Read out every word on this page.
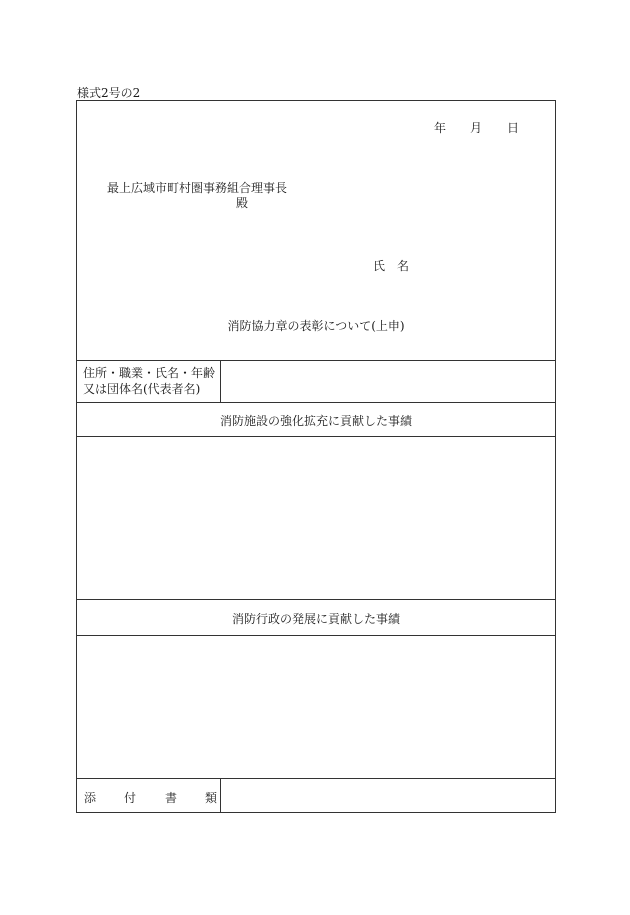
様式2号の2
年 月 日
最上広域市町村圏事務組合理事長
殿
氏　名
消防協力章の表彰について(上申)
住所・職業・氏名・年齢
又は団体名(代表者名)
消防施設の強化拡充に貢献した事績
消防行政の発展に貢献した事績
添 付 書 類
